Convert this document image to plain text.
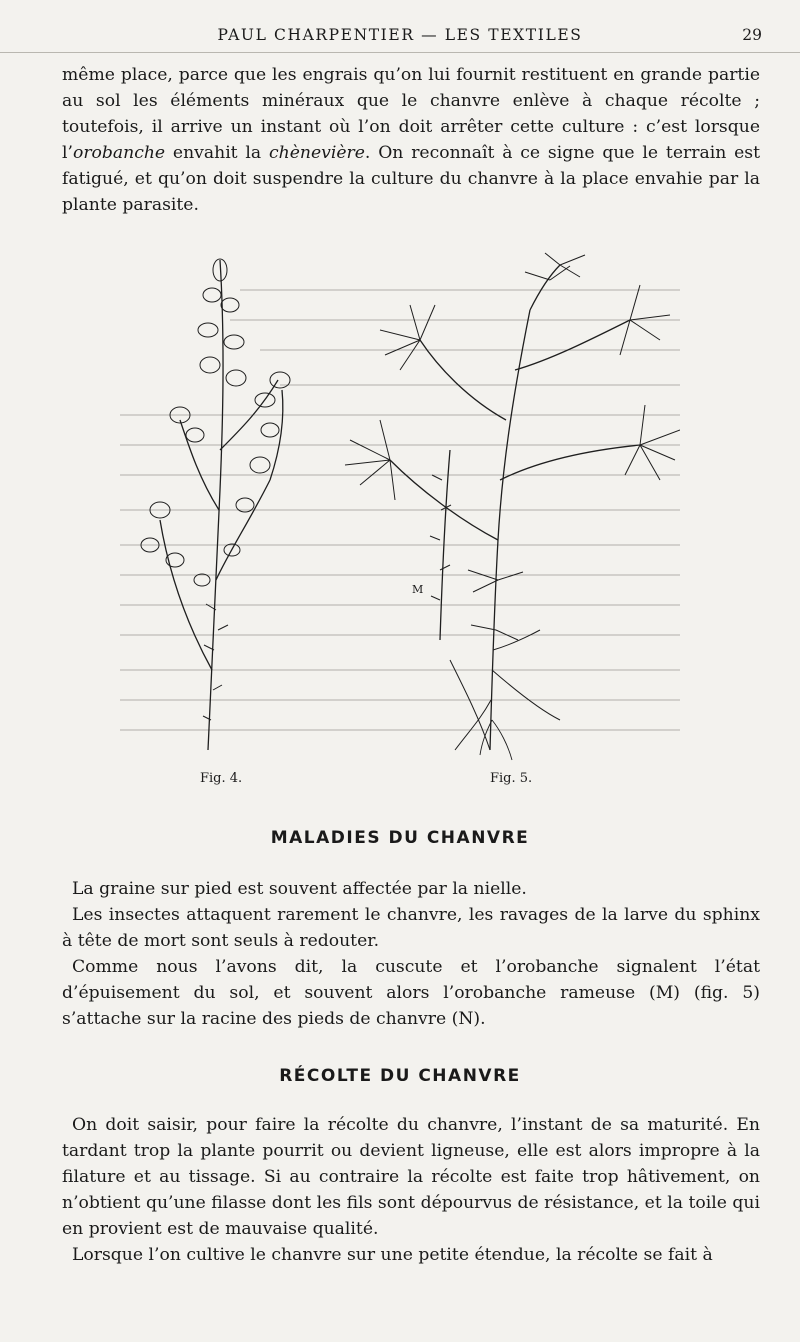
PAUL CHARPENTIER — LES TEXTILES	29

même place, parce que les engrais qu’on lui fournit restituent en grande partie au sol les éléments minéraux que le chanvre enlève à chaque récolte ; toutefois, il arrive un instant où l’on doit arrêter cette culture : c’est lorsque l’orobanche envahit la chènevière. On reconnaît à ce signe que le terrain est fatigué, et qu’on doit suspendre la culture du chanvre à la place envahie par la plante parasite.

Fig. 4.	Fig. 5.
M
MALADIES DU CHANVRE

La graine sur pied est souvent affectée par la nielle.

Les insectes attaquent rarement le chanvre, les ravages de la larve du sphinx à tête de mort sont seuls à redouter.

Comme nous l’avons dit, la cuscute et l’orobanche signalent l’état d’épuisement du sol, et souvent alors l’orobanche rameuse (M) (fig. 5) s’attache sur la racine des pieds de chanvre (N).

RÉCOLTE DU CHANVRE

On doit saisir, pour faire la récolte du chanvre, l’instant de sa maturité. En tardant trop la plante pourrit ou devient ligneuse, elle est alors impropre à la filature et au tissage. Si au contraire la récolte est faite trop hâtivement, on n’obtient qu’une filasse dont les fils sont dépourvus de résistance, et la toile qui en provient est de mauvaise qualité.

Lorsque l’on cultive le chanvre sur une petite étendue, la récolte se fait à
